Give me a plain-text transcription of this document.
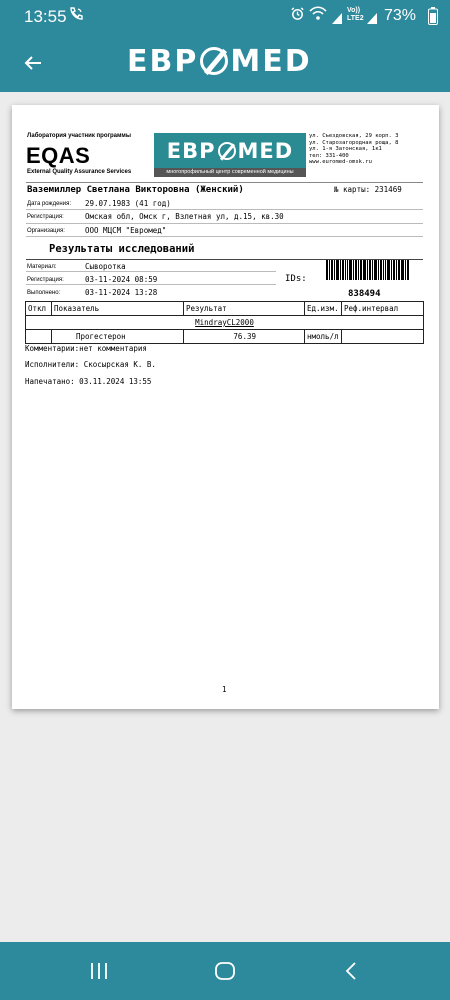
13:55	Vo))
LTE2 73%
ЕВР MED
Лаборатория участник программы
EQAS
External Quality Assurance Services
ЕВР MED
многопрофильный центр современной медицины
ул. Съездовская, 29 корп. 3
ул. Старозагородная роща, 8
ул. 1-я Затонская, 1к1
тел: 331-400
www.euromed-omsk.ru
Ваземиллер Светлана Викторовна (Женский)	№ карты: 231469
Дата рождения: 29.07.1983 (41 год)
Регистрация:	Омская обл, Омск г, Взлетная ул, д.15, кв.30
Организация:	ООО МЦСМ "Евромед"
Результаты исследований
Материал:	Сыворотка
Регистрация:	03-11-2024 08:59
Выполнено:	03-11-2024 13:28
IDs:
838494
Откл	Показатель	Результат	Ед.изм.	Реф.интервал
MindrayCL2000				
	Прогестерон	76.39	нмоль/л	
Комментарии:нет комментария
Исполнители: Скосырская К. В.
Напечатано: 03.11.2024 13:55
1
